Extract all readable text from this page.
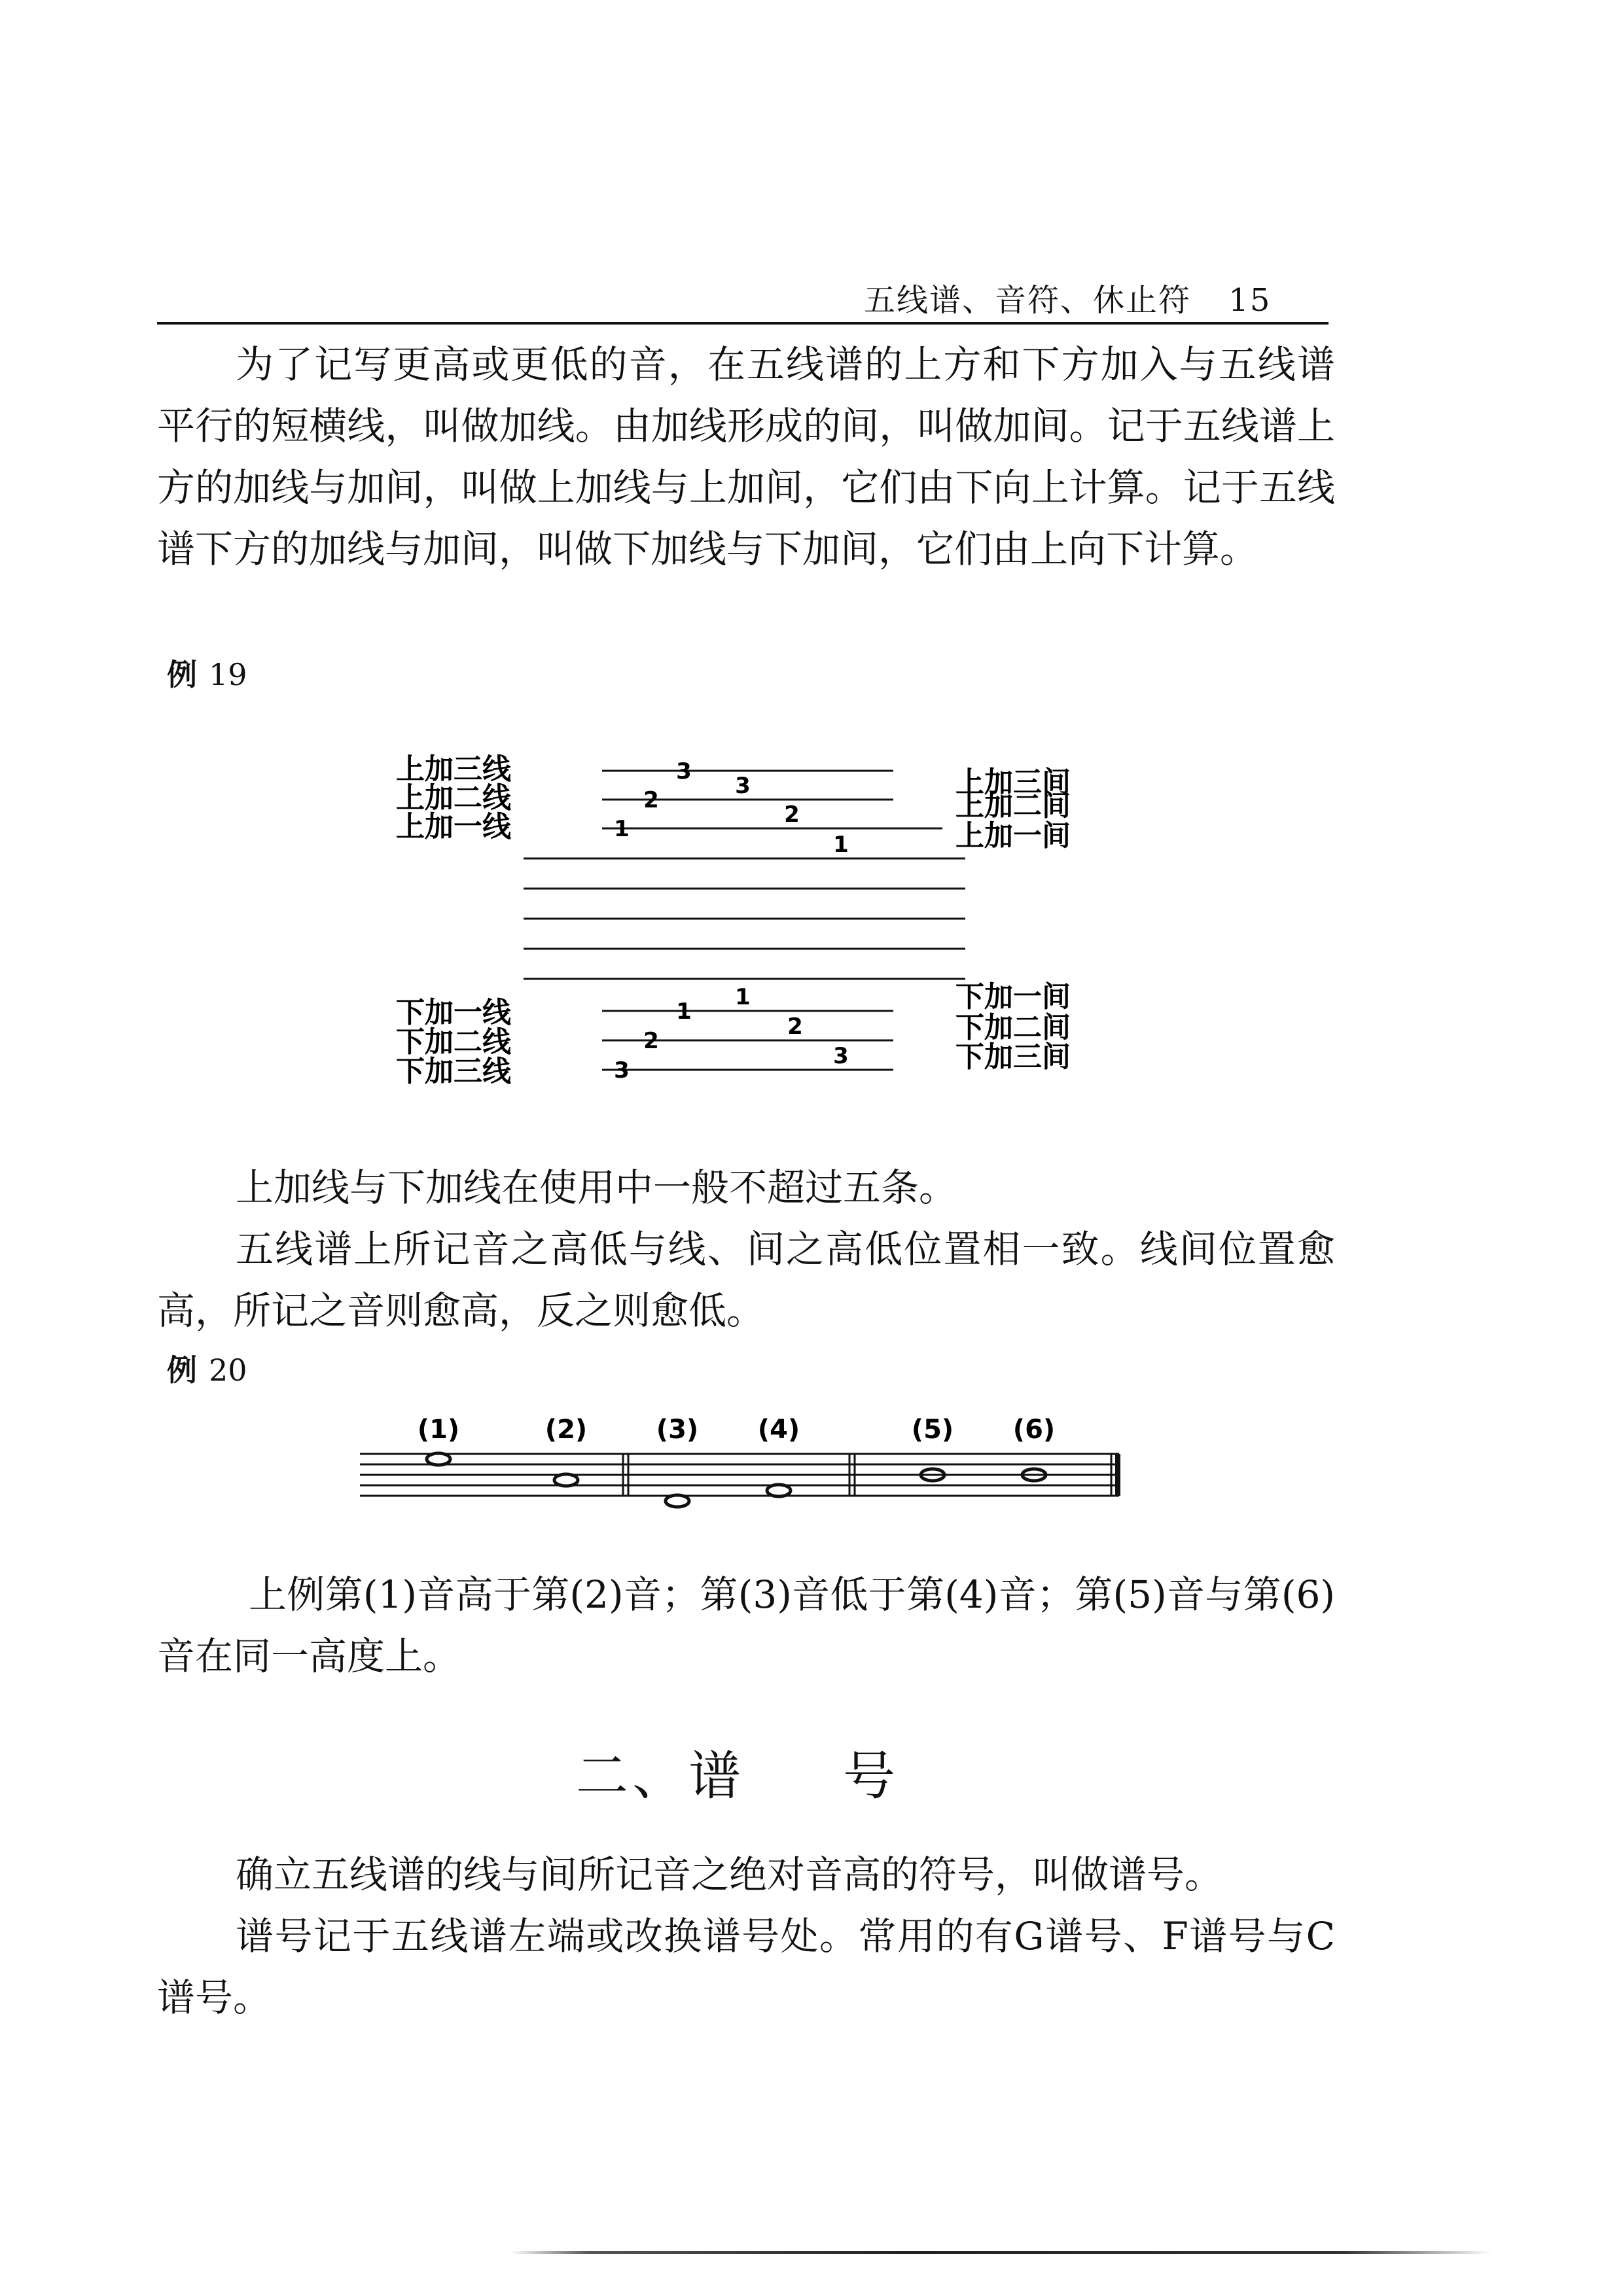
五线谱、音符、休止符 15
为了记写更高或更低的音，在五线谱的上方和下方加入与五线谱平行的短横线，叫做加线。由加线形成的间，叫做加间。记于五线谱上方的加线与加间，叫做上加线与上加间，它们由下向上计算。记于五线谱下方的加线与加间，叫做下加线与下加间，它们由上向下计算。
例 19
3
2
1
3
2
1
1
2
3
1
2
3
上加三线
上加二线
上加一线
上加三间
上加二间
上加一间
下加一线
下加二线
下加三线
下加一间
下加二间
下加三间
上加线与下加线在使用中一般不超过五条。
五线谱上所记音之高低与线、间之高低位置相一致。线间位置愈高，所记之音则愈高，反之则愈低。
例 20
(1)	(2)	(3) (4)	(5) (6)
上例第(1)音高于第(2)音；第(3)音低于第(4)音；第(5)音与第(6)音在同一高度上。
二、谱 号
确立五线谱的线与间所记音之绝对音高的符号，叫做谱号。
谱号记于五线谱左端或改换谱号处。常用的有G谱号、F谱号与C谱号。
